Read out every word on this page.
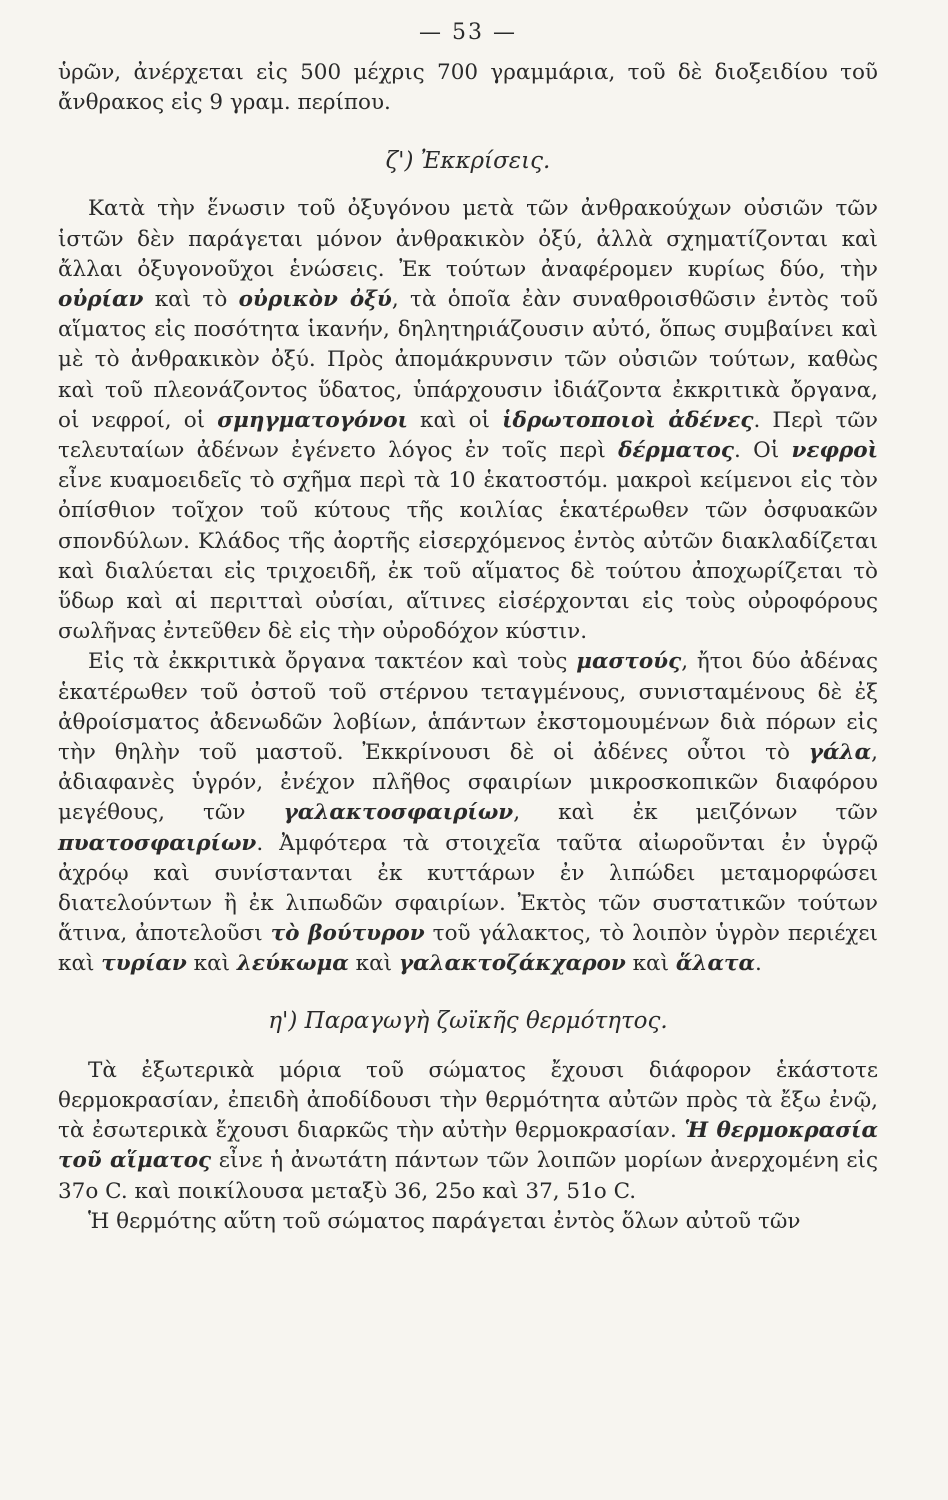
— 53 —

ὑρῶν, ἀνέρχεται εἰς 500 μέχρις 700 γραμμάρια, τοῦ δὲ διοξειδίου τοῦ ἄνθρακος εἰς 9 γραμ. περίπου.

ζ') Ἐκκρίσεις.

Κατὰ τὴν ἕνωσιν τοῦ ὀξυγόνου μετὰ τῶν ἀνθρακούχων οὐσιῶν τῶν ἱστῶν δὲν παράγεται μόνον ἀνθρακικὸν ὀξύ, ἀλλὰ σχηματίζονται καὶ ἄλλαι ὀξυγονοῦχοι ἑνώσεις. Ἐκ τούτων ἀναφέρομεν κυρίως δύο, τὴν οὐρίαν καὶ τὸ οὐρικὸν ὀξύ, τὰ ὁποῖα ἐὰν συναθροισθῶσιν ἐντὸς τοῦ αἵματος εἰς ποσότητα ἱκανήν, δηλητηριάζουσιν αὐτό, ὅπως συμβαίνει καὶ μὲ τὸ ἀνθρακικὸν ὀξύ. Πρὸς ἀπομάκρυνσιν τῶν οὐσιῶν τούτων, καθὼς καὶ τοῦ πλεονάζοντος ὕδατος, ὑπάρχουσιν ἰδιάζοντα ἐκκριτικὰ ὄργανα, οἱ νεφροί, οἱ σμηγματογόνοι καὶ οἱ ἱδρωτοποιοὶ ἀδένες. Περὶ τῶν τελευταίων ἀδένων ἐγένετο λόγος ἐν τοῖς περὶ δέρματος. Οἱ νεφροὶ εἶνε κυαμοειδεῖς τὸ σχῆμα περὶ τὰ 10 ἑκατοστόμ. μακροὶ κείμενοι εἰς τὸν ὀπίσθιον τοῖχον τοῦ κύτους τῆς κοιλίας ἑκατέρωθεν τῶν ὀσφυακῶν σπονδύλων. Κλάδος τῆς ἀορτῆς εἰσερχόμενος ἐντὸς αὐτῶν διακλαδίζεται καὶ διαλύεται εἰς τριχοειδῆ, ἐκ τοῦ αἵματος δὲ τούτου ἀποχωρίζεται τὸ ὕδωρ καὶ αἱ περιτταὶ οὐσίαι, αἵτινες εἰσέρχονται εἰς τοὺς οὐροφόρους σωλῆνας ἐντεῦθεν δὲ εἰς τὴν οὐροδόχον κύστιν.

Εἰς τὰ ἐκκριτικὰ ὄργανα τακτέον καὶ τοὺς μαστούς, ἤτοι δύο ἀδένας ἑκατέρωθεν τοῦ ὀστοῦ τοῦ στέρνου τεταγμένους, συνισταμένους δὲ ἐξ ἀθροίσματος ἀδενωδῶν λοβίων, ἁπάντων ἐκστομουμένων διὰ πόρων εἰς τὴν θηλὴν τοῦ μαστοῦ. Ἐκκρίνουσι δὲ οἱ ἀδένες οὗτοι τὸ γάλα, ἀδιαφανὲς ὑγρόν, ἐνέχον πλῆθος σφαιρίων μικροσκοπικῶν διαφόρου μεγέθους, τῶν γαλακτοσφαιρίων, καὶ ἐκ μειζόνων τῶν πυατοσφαιρίων. Ἀμφότερα τὰ στοιχεῖα ταῦτα αἰωροῦνται ἐν ὑγρῷ ἀχρόῳ καὶ συνίστανται ἐκ κυττάρων ἐν λιπώδει μεταμορφώσει διατελούντων ἢ ἐκ λιπωδῶν σφαιρίων. Ἐκτὸς τῶν συστατικῶν τούτων ἅτινα, ἀποτελοῦσι τὸ βούτυρον τοῦ γάλακτος, τὸ λοιπὸν ὑγρὸν περιέχει καὶ τυρίαν καὶ λεύκωμα καὶ γαλακτοζάκχαρον καὶ ἅλατα.

η') Παραγωγὴ ζωϊκῆς θερμότητος.

Τὰ ἐξωτερικὰ μόρια τοῦ σώματος ἔχουσι διάφορον ἑκάστοτε θερμοκρασίαν, ἐπειδὴ ἀποδίδουσι τὴν θερμότητα αὐτῶν πρὸς τὰ ἔξω ἐνῷ, τὰ ἐσωτερικὰ ἔχουσι διαρκῶς τὴν αὐτὴν θερμοκρασίαν. Ἡ θερμοκρασία τοῦ αἵματος εἶνε ἡ ἀνωτάτη πάντων τῶν λοιπῶν μορίων ἀνερχομένη εἰς 37ο C. καὶ ποικίλουσα μεταξὺ 36, 25ο καὶ 37, 51ο C.

Ἡ θερμότης αὕτη τοῦ σώματος παράγεται ἐντὸς ὅλων αὐτοῦ τῶν
